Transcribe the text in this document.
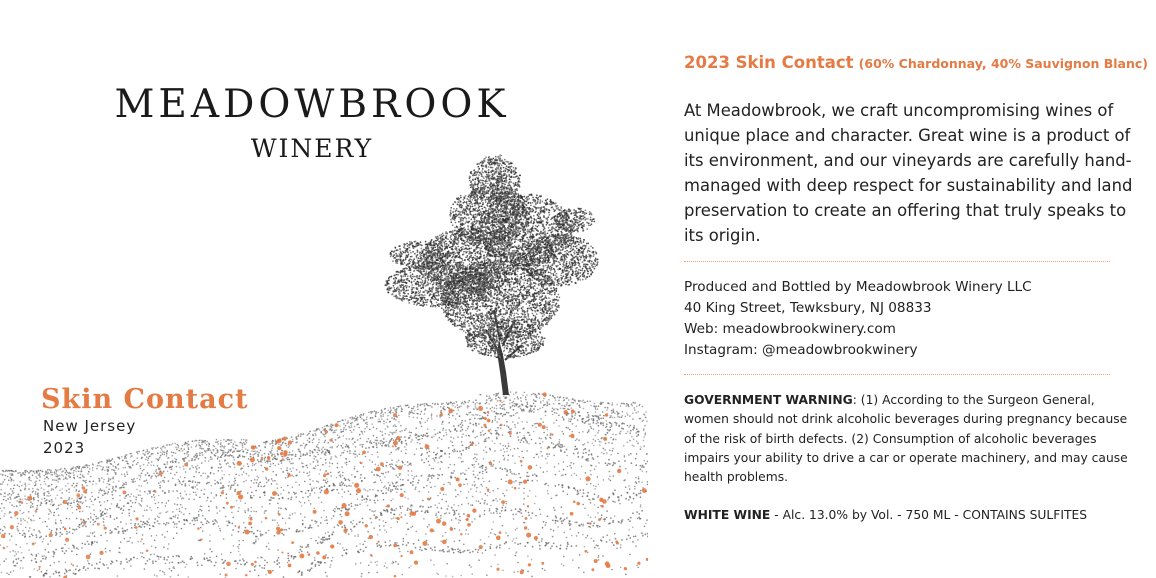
MEADOWBROOK
WINERY
Skin Contact
New Jersey
2023
2023 Skin Contact (60% Chardonnay, 40% Sauvignon Blanc)

At Meadowbrook, we craft uncompromising wines of unique place and character. Great wine is a product of its environment, and our vineyards are carefully hand-managed with deep respect for sustainability and land preservation to create an offering that truly speaks to its origin.

Produced and Bottled by Meadowbrook Winery LLC
40 King Street, Tewksbury, NJ 08833
Web: meadowbrookwinery.com
Instagram: @meadowbrookwinery

GOVERNMENT WARNING: (1) According to the Surgeon General, women should not drink alcoholic beverages during pregnancy because of the risk of birth defects. (2) Consumption of alcoholic beverages impairs your ability to drive a car or operate machinery, and may cause health problems.

WHITE WINE - Alc. 13.0% by Vol. - 750 ML - CONTAINS SULFITES
